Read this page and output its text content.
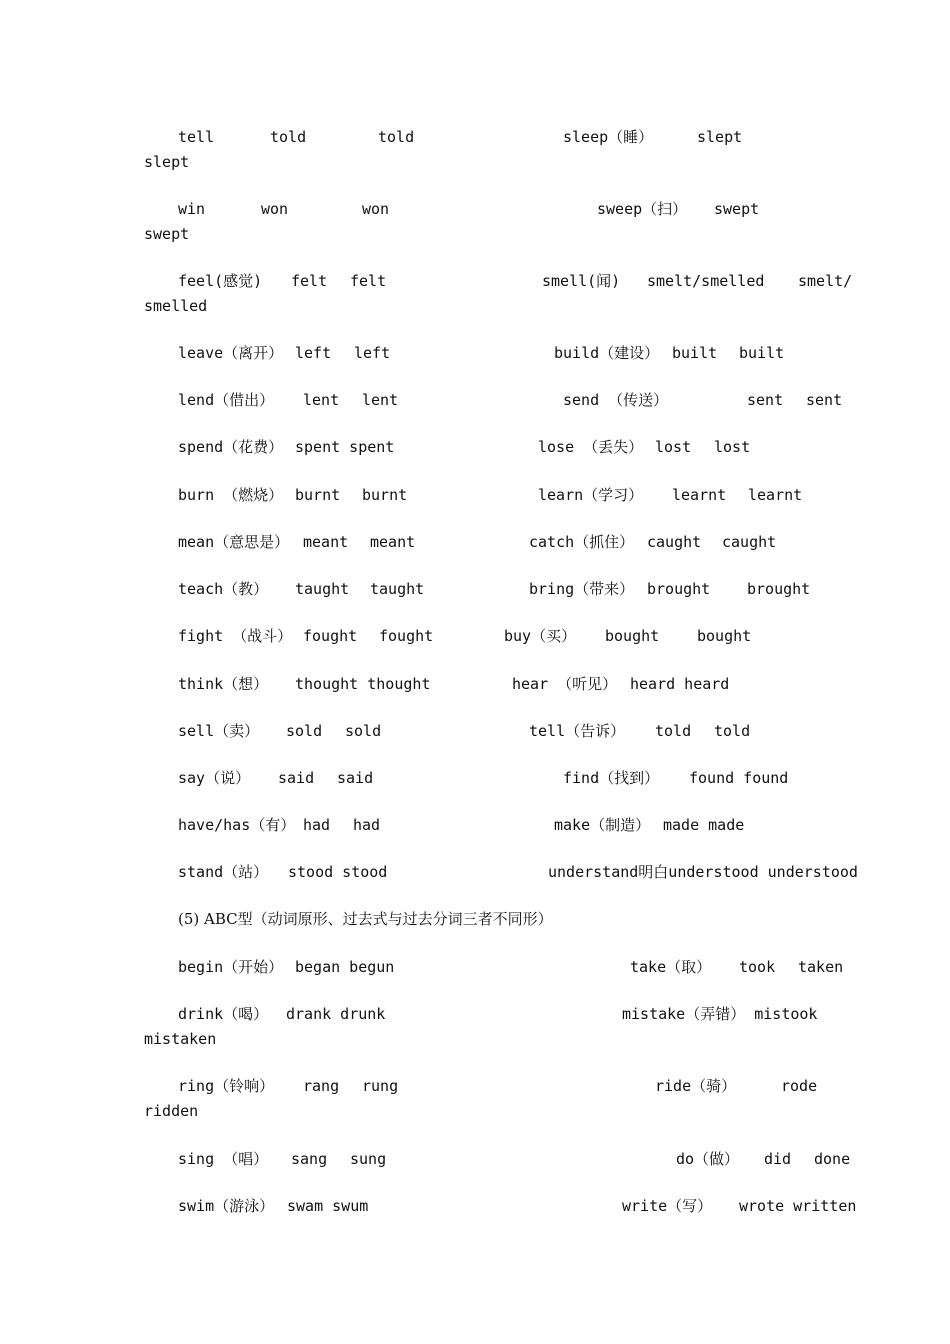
tell	told	told	sleep（睡）	slept
slept
win	won	won	sweep（扫） swept
swept
feel(感觉) felt felt	smell(闻) smelt/smelled smelt/
smelled
leave（离开） left left	build（建设） built built
lend（借出） lent lent	send （传送）	sent sent
spend（花费） spent spent	lose （丢失） lost lost
burn （燃烧） burnt burnt	learn（学习） learnt learnt
mean（意思是） meant meant	catch（抓住） caught caught
teach（教） taught taught	bring（带来） brought brought
fight （战斗） fought fought	buy（买） bought	bought
think（想） thought thought	hear （听见） heard heard
sell（卖） sold sold	tell（告诉） told told
say（说） said said	find（找到） found found
have/has（有） had had	make（制造） made made
stand（站） stood stood	understand明白understood understood
(5) ABC型（动词原形、过去式与过去分词三者不同形）
begin（开始） began begun	take（取） took taken
drink（喝） drank drunk	mistake（弄错） mistook
mistaken
ring（铃响） rang rung	ride（骑）	rode
ridden
sing （唱） sang sung	do（做） did done
swim（游泳） swam swum	write（写） wrote written
